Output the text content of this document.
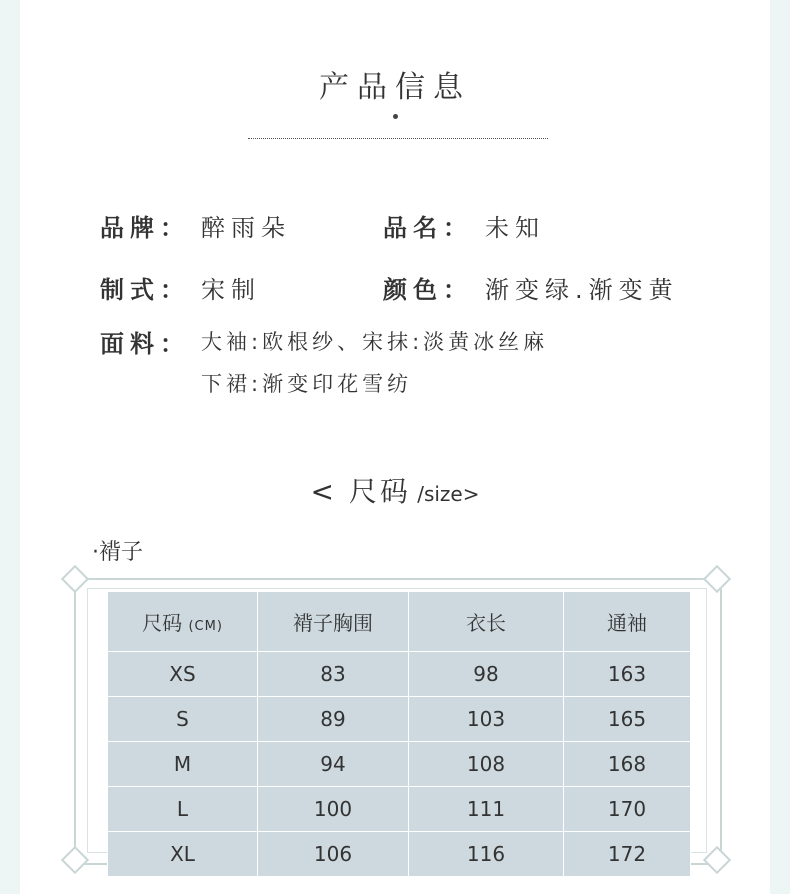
产品信息
品牌： 醉雨朵	品名： 未知
制式： 宋制	颜色： 渐变绿.渐变黄
面料： 大袖:欧根纱、宋抹:淡黄冰丝麻
下裙:渐变印花雪纺
< 尺码 /size>
·褙子
尺码 (CM)	褙子胸围	衣长	通袖
XS	83	98	163
S	89	103	165
M	94	108	168
L	100	111	170
XL	106	116	172
